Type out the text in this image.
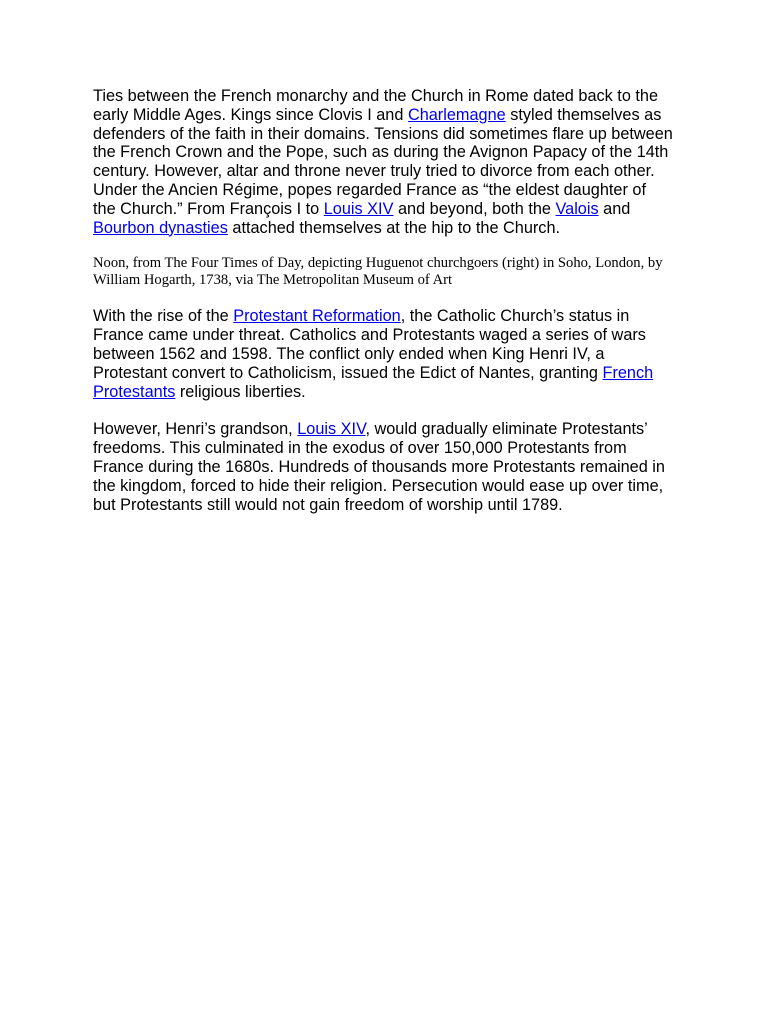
Ties between the French monarchy and the Church in Rome dated back to the early Middle Ages. Kings since Clovis I and Charlemagne styled themselves as defenders of the faith in their domains. Tensions did sometimes flare up between the French Crown and the Pope, such as during the Avignon Papacy of the 14th century. However, altar and throne never truly tried to divorce from each other. Under the Ancien Régime, popes regarded France as “the eldest daughter of the Church.” From François I to Louis XIV and beyond, both the Valois and Bourbon dynasties attached themselves at the hip to the Church.

Noon, from The Four Times of Day, depicting Huguenot churchgoers (right) in Soho, London, by William Hogarth, 1738, via The Metropolitan Museum of Art

With the rise of the Protestant Reformation, the Catholic Church’s status in France came under threat. Catholics and Protestants waged a series of wars between 1562 and 1598. The conflict only ended when King Henri IV, a Protestant convert to Catholicism, issued the Edict of Nantes, granting French Protestants religious liberties.

However, Henri’s grandson, Louis XIV, would gradually eliminate Protestants’ freedoms. This culminated in the exodus of over 150,000 Protestants from France during the 1680s. Hundreds of thousands more Protestants remained in the kingdom, forced to hide their religion. Persecution would ease up over time, but Protestants still would not gain freedom of worship until 1789.
